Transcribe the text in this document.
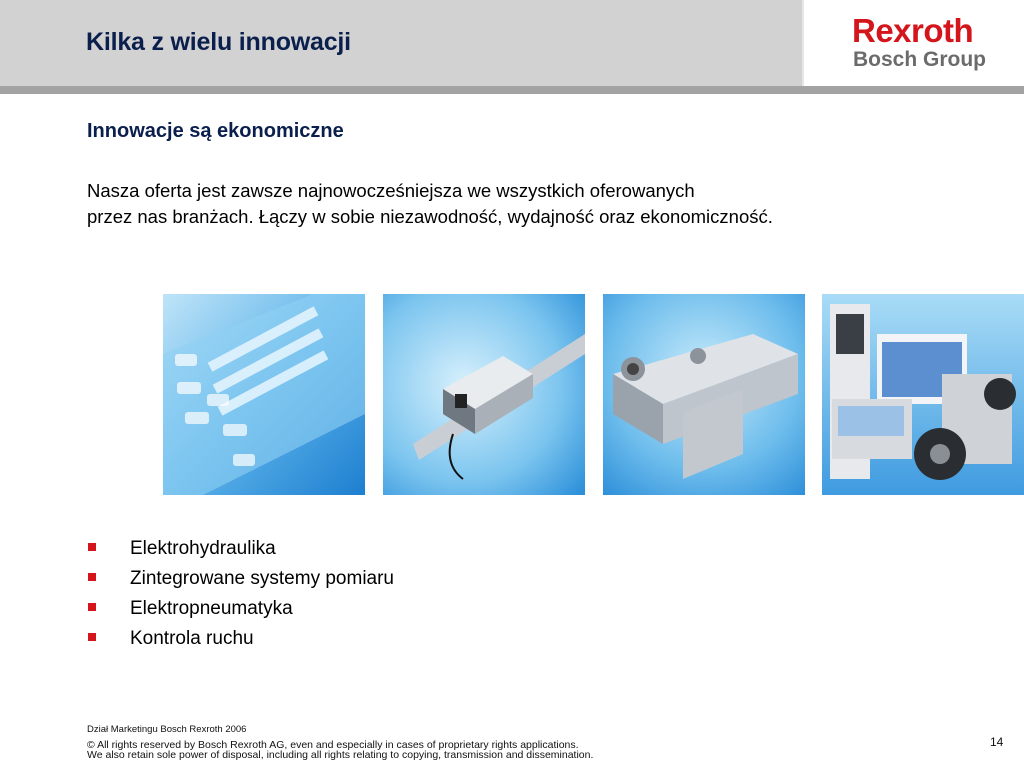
Kilka z wielu innowacji	Rexroth
Bosch Group
Innowacje są ekonomiczne
Nasza oferta jest zawsze najnowocześniejsza we wszystkich oferowanych
przez nas branżach. Łączy w sobie niezawodność, wydajność oraz ekonomiczność.
Elektrohydraulika
Zintegrowane systemy pomiaru
Elektropneumatyka
Kontrola ruchu
Dział Marketingu Bosch Rexroth 2006
© All rights reserved by Bosch Rexroth AG, even and especially in cases of proprietary rights applications.
We also retain sole power of disposal, including all rights relating to copying, transmission and dissemination.
14
